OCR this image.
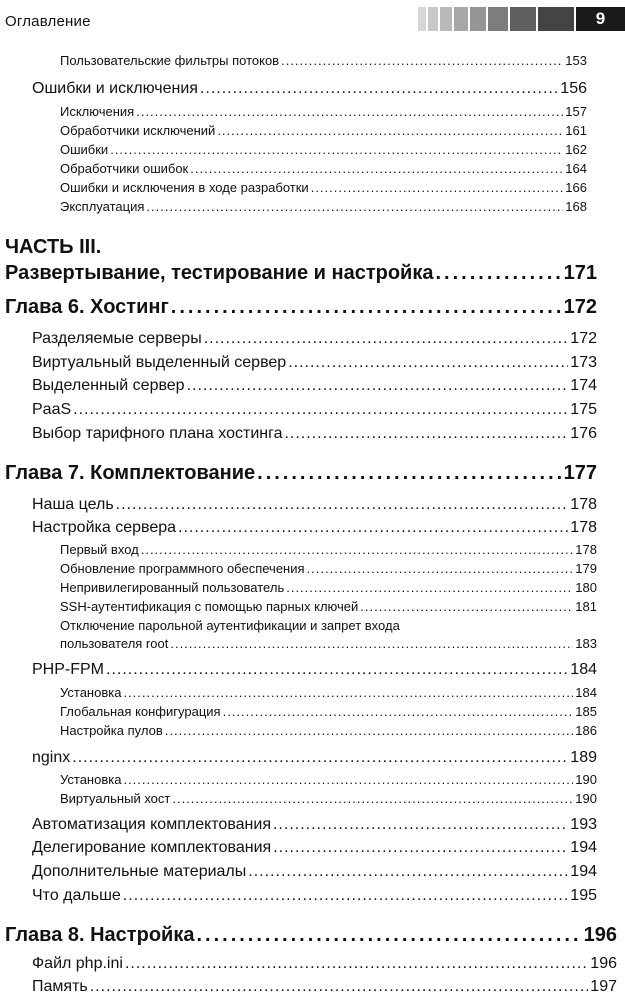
Оглавление	9
Пользовательские фильтры потоков .....	153
Ошибки и исключения .....	156
Исключения .....	157
Обработчики исключений .....	161
Ошибки .....	162
Обработчики ошибок .....	164
Ошибки и исключения в ходе разработки .....	166
Эксплуатация .....	168
ЧАСТЬ III.
Развертывание, тестирование и настройка .....	171
Глава 6. Хостинг .....	172
Разделяемые серверы .....	172
Виртуальный выделенный сервер .....	173
Выделенный сервер .....	174
PaaS .....	175
Выбор тарифного плана хостинга .....	176
Глава 7. Комплектование .....	177
Наша цель .....	178
Настройка сервера .....	178
Первый вход .....	178
Обновление программного обеспечения .....	179
Непривилегированный пользователь .....	180
SSH-аутентификация с помощью парных ключей .....	181
Отключение парольной аутентификации и запрет входа
пользователя root .....	183
PHP-FPM .....	184
Установка .....	184
Глобальная конфигурация .....	185
Настройка пулов .....	186
nginx .....	189
Установка .....	190
Виртуальный хост .....	190
Автоматизация комплектования .....	193
Делегирование комплектования .....	194
Дополнительные материалы .....	194
Что дальше .....	195
Глава 8. Настройка .....	196
Файл php.ini .....	196
Память .....	197
